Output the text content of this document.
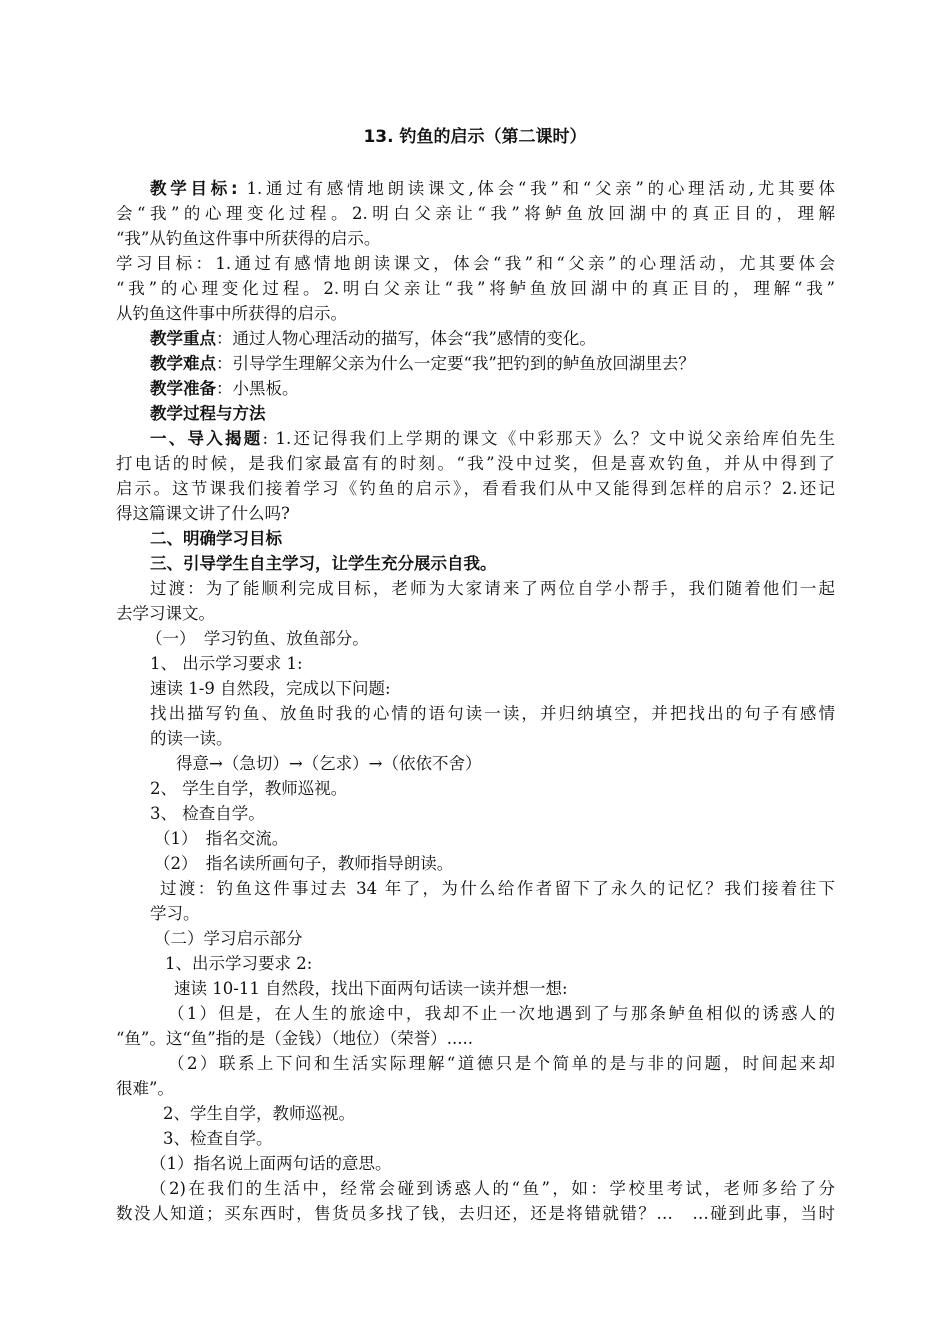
13. 钓鱼的启示（第二课时）
教学目标: 1.通过有感情地朗读课文,体会“我”和“父亲”的心理活动,尤其要体
会“我”的心理变化过程。2.明白父亲让“我”将鲈鱼放回湖中的真正目的，理解
“我”从钓鱼这件事中所获得的启示。
学习目标：1.通过有感情地朗读课文，体会“我”和“父亲”的心理活动，尤其要体会
“我”的心理变化过程。2.明白父亲让“我”将鲈鱼放回湖中的真正目的，理解“我”
从钓鱼这件事中所获得的启示。
教学重点：通过人物心理活动的描写，体会“我”感情的变化。
教学难点：引导学生理解父亲为什么一定要“我”把钓到的鲈鱼放回湖里去？
教学准备：小黑板。
教学过程与方法
一、导入揭题: 1.还记得我们上学期的课文《中彩那天》么？文中说父亲给库伯先生
打电话的时候，是我们家最富有的时刻。“我”没中过奖，但是喜欢钓鱼，并从中得到了
启示。这节课我们接着学习《钓鱼的启示》，看看我们从中又能得到怎样的启示？2.还记
得这篇课文讲了什么吗?
二、明确学习目标
三、引导学生自主学习，让学生充分展示自我。
过渡：为了能顺利完成目标，老师为大家请来了两位自学小帮手，我们随着他们一起
去学习课文。
（一）　学习钓鱼、放鱼部分。
1、 出示学习要求 1:
速读 1-9 自然段，完成以下问题:
找出描写钓鱼、放鱼时我的心情的语句读一读，并归纳填空，并把找出的句子有感情
的读一读。
得意→（急切）→（乞求）→（依依不舍）
2、 学生自学，教师巡视。
3、 检查自学。
（1）　指名交流。
（2）　指名读所画句子，教师指导朗读。
过渡：钓鱼这件事过去 34 年了，为什么给作者留下了永久的记忆？我们接着往下
学习。
（二）学习启示部分
1、出示学习要求 2:
速读 10-11 自然段，找出下面两句话读一读并想一想:
（1）但是，在人生的旅途中，我却不止一次地遇到了与那条鲈鱼相似的诱惑人的
“鱼”。这“鱼”指的是（金钱）（地位）（荣誉）.....
（2）联系上下问和生活实际理解“道德只是个简单的是与非的问题，时间起来却
很难”。
2、学生自学，教师巡视。
3、检查自学。
（1）指名说上面两句话的意思。
（2)在我们的生活中，经常会碰到诱惑人的“鱼”，如：学校里考试，老师多给了分
数没人知道；买东西时，售货员多找了钱，去归还，还是将错就错？…　…碰到此事，当时
